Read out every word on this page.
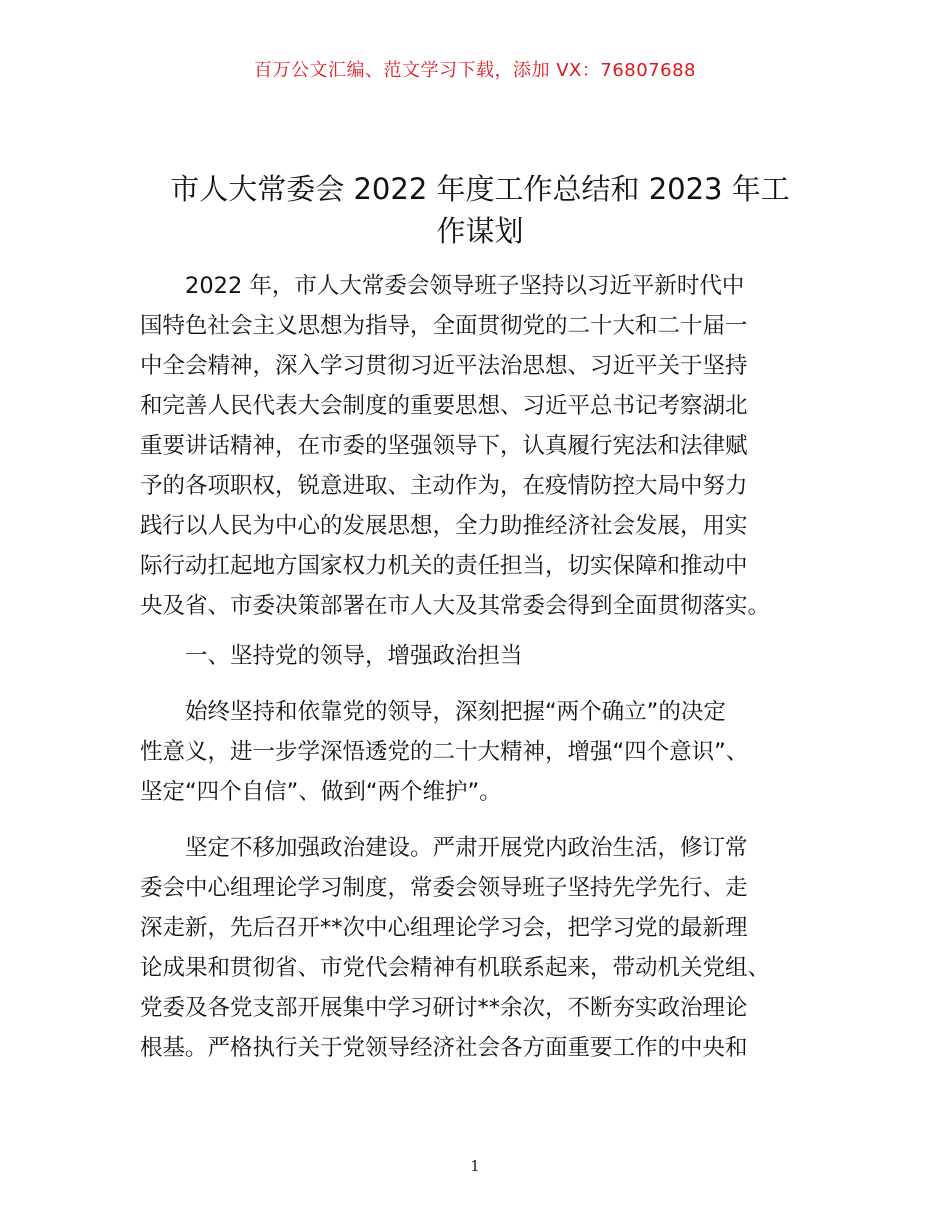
百万公文汇编、范文学习下载，添加 VX：76807688
市人大常委会 2022 年度工作总结和 2023 年工
作谋划

2022 年，市人大常委会领导班子坚持以习近平新时代中
国特色社会主义思想为指导，全面贯彻党的二十大和二十届一
中全会精神，深入学习贯彻习近平法治思想、习近平关于坚持
和完善人民代表大会制度的重要思想、习近平总书记考察湖北
重要讲话精神，在市委的坚强领导下，认真履行宪法和法律赋
予的各项职权，锐意进取、主动作为，在疫情防控大局中努力
践行以人民为中心的发展思想，全力助推经济社会发展，用实
际行动扛起地方国家权力机关的责任担当，切实保障和推动中
央及省、市委决策部署在市人大及其常委会得到全面贯彻落实。

一、坚持党的领导，增强政治担当

始终坚持和依靠党的领导，深刻把握“两个确立”的决定
性意义，进一步学深悟透党的二十大精神，增强“四个意识”、
坚定“四个自信”、做到“两个维护”。

坚定不移加强政治建设。严肃开展党内政治生活，修订常
委会中心组理论学习制度，常委会领导班子坚持先学先行、走
深走新，先后召开**次中心组理论学习会，把学习党的最新理
论成果和贯彻省、市党代会精神有机联系起来，带动机关党组、
党委及各党支部开展集中学习研讨**余次，不断夯实政治理论
根基。严格执行关于党领导经济社会各方面重要工作的中央和

1
